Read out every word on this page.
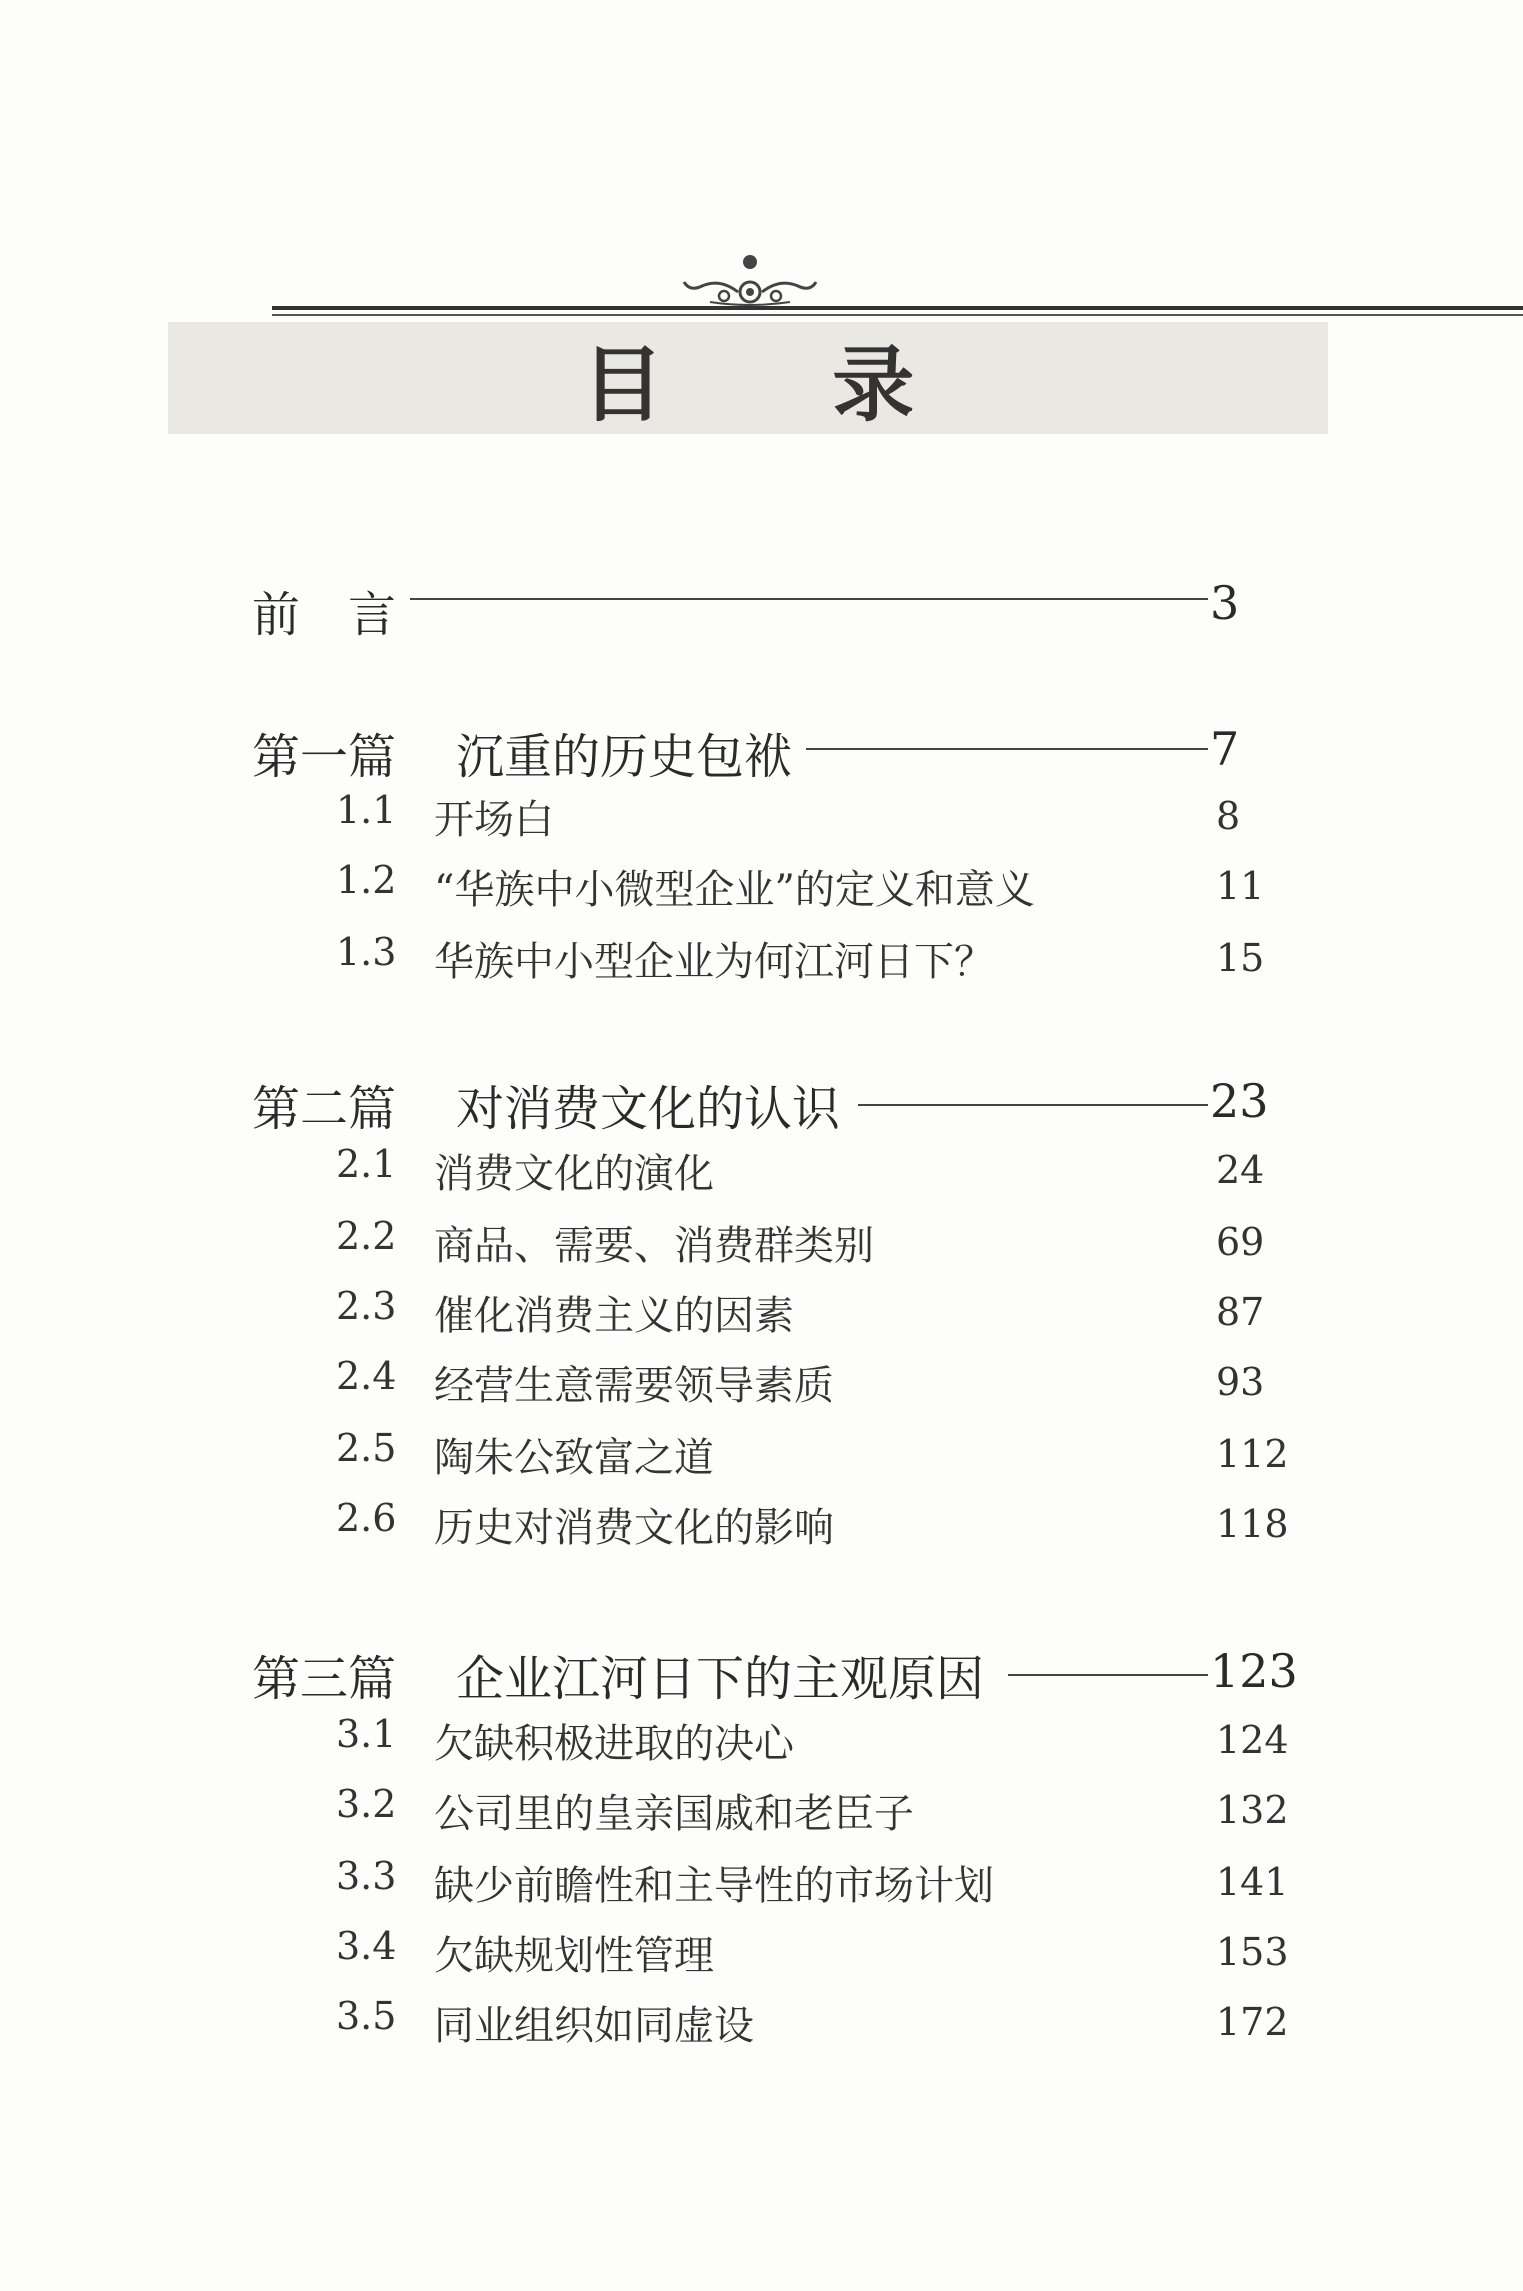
目 录
前　言	3
第一篇 沉重的历史包袱	7
1.1 开场白	8
1.2 “华族中小微型企业”的定义和意义	11
1.3 华族中小型企业为何江河日下？	15
第二篇 对消费文化的认识	23
2.1 消费文化的演化	24
2.2 商品、需要、消费群类别	69
2.3 催化消费主义的因素	87
2.4 经营生意需要领导素质	93
2.5 陶朱公致富之道	112
2.6 历史对消费文化的影响	118
第三篇 企业江河日下的主观原因	123
3.1 欠缺积极进取的决心	124
3.2 公司里的皇亲国戚和老臣子	132
3.3 缺少前瞻性和主导性的市场计划	141
3.4 欠缺规划性管理	153
3.5 同业组织如同虚设	172
